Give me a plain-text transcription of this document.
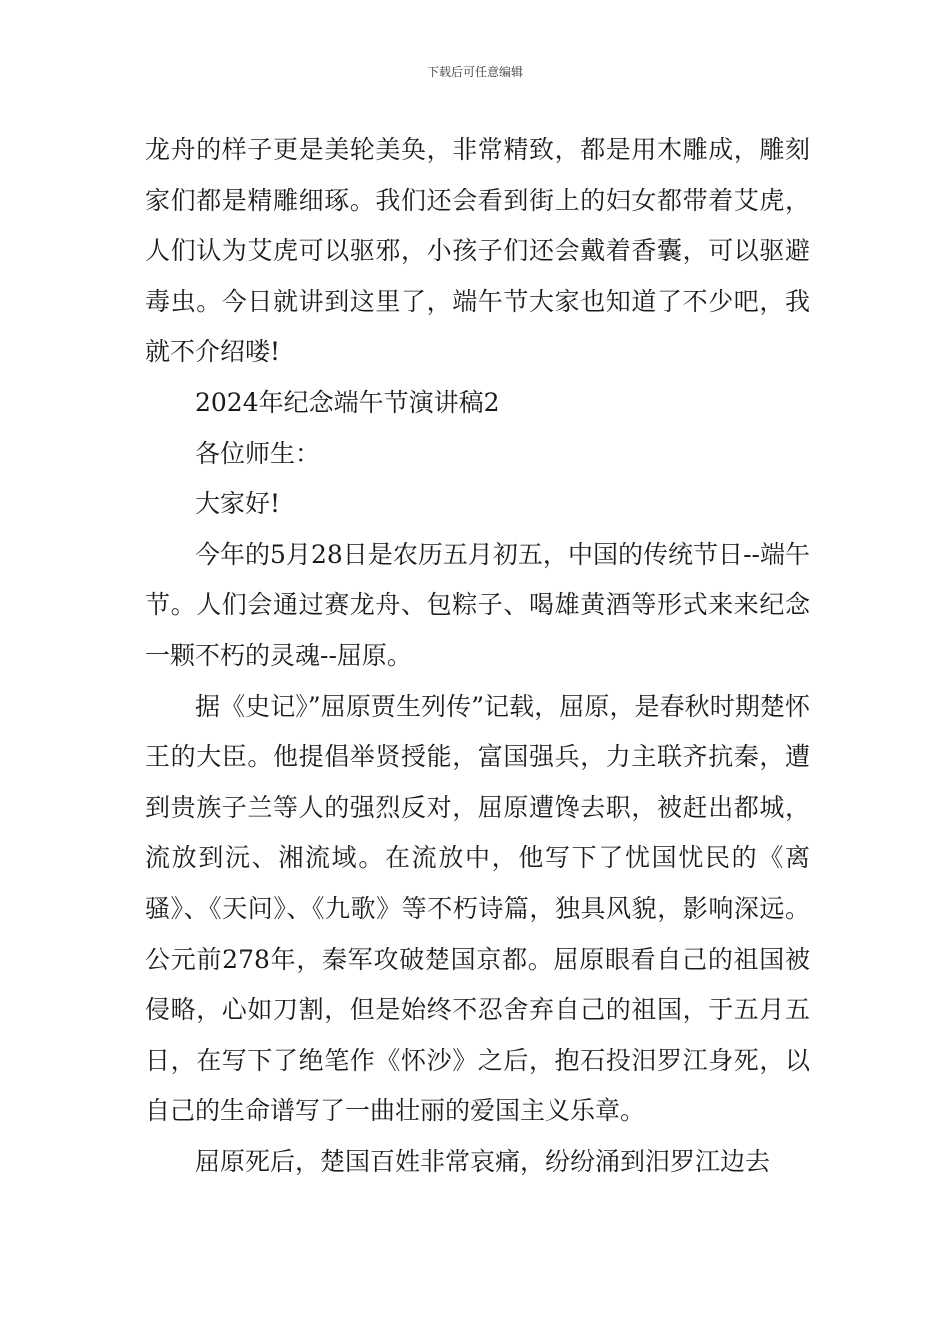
下载后可任意编辑

龙舟的样子更是美轮美奂，非常精致，都是用木雕成，雕刻家们都是精雕细琢。我们还会看到街上的妇女都带着艾虎，人们认为艾虎可以驱邪，小孩子们还会戴着香囊，可以驱避毒虫。今日就讲到这里了，端午节大家也知道了不少吧，我就不介绍喽!

2024年纪念端午节演讲稿2

各位师生：

大家好!

今年的5月28日是农历五月初五，中国的传统节日--端午节。人们会通过赛龙舟、包粽子、喝雄黄酒等形式来来纪念一颗不朽的灵魂--屈原。

据《史记》”屈原贾生列传”记载，屈原，是春秋时期楚怀王的大臣。他提倡举贤授能，富国强兵，力主联齐抗秦，遭到贵族子兰等人的强烈反对，屈原遭馋去职，被赶出都城，流放到沅、湘流域。在流放中，他写下了忧国忧民的《离骚》、《天问》、《九歌》等不朽诗篇，独具风貌，影响深远。公元前278年，秦军攻破楚国京都。屈原眼看自己的祖国被侵略，心如刀割，但是始终不忍舍弃自己的祖国，于五月五日，在写下了绝笔作《怀沙》之后，抱石投汨罗江身死，以自己的生命谱写了一曲壮丽的爱国主义乐章。

屈原死后，楚国百姓非常哀痛，纷纷涌到汨罗江边去
